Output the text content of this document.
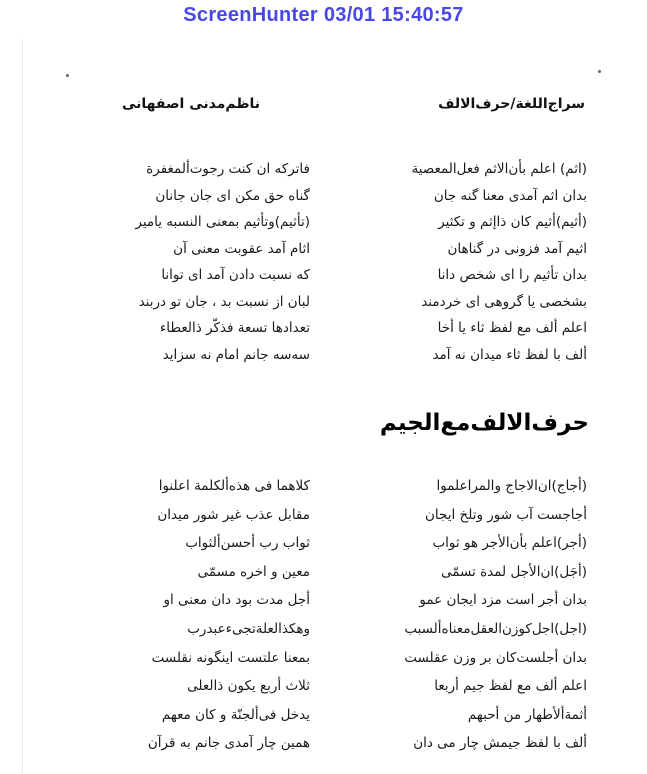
ScreenHunter 03/01 15:40:57
سراج‌اللغة/حرف‌الالف
ناظم‌مدنی اصفهانی
(اثم) اعلم بأن‌الاثم فعل‌المعصية
بدان اثم آمدی معنا گنه جان
(أثيم)أثيم كان ذاإثم و تكثير
اثيم آمد فزونی در گناهان
بدان تأثيم را ای شخص دانا
بشخصی یا گروهی ای خردمند
اعلم ألف مع لفظ ثاء يا أخا
ألف با لفظ ثاء ميدان نه آمد
فاتركه ان كنت رجوت‌ألمغفرة
گناه حق مكن ای جان جانان
(تأثيم)وتأثيم بمعنی النسبه يامير
اثام آمد عقوبت معنی آن
كه نسبت دادن آمد ای توانا
لبان از نسبت بد ، جان تو دربند
تعدادها تسعة فذكّر ذالعطاء
سه‌سه جانم امام نه سزايد
حرف‌الالف‌مع‌الجيم
(أجاج)ان‌الاجاج والمراعلموا
أجاجست آب شور وتلخ ایجان
(أجر)اعلم بأن‌الأجر هو ثواب
(أجَل)ان‌الأجل لمدة تسمّی
بدان أجر است مزد ایجان عمو
(اجل)اجل‌كوزن‌العقل‌معناه‌ألسبب
بدان أجلست‌كان بر وزن عقلست
اعلم ألف مع لفظ جيم أربعا
أثمة‌ألأطهار من أحبهم
ألف با لفظ جيمش چار می دان
كلاهما فی هذه‌ألكلمة اعلنوا
مقابل عذب غير شور ميدان
ثواب رب أحسن‌ألثواب
معين و اخره مسمّی
أجل مدت بود دان معنی او
وهكذالعلة‌تجیء‌عبدرب
بمعنا علتست اینگونه نقلست
ثلاث أربع يكون ذالعلی
يدخل فی‌ألجنّة و كان معهم
همين چار آمدی جانم به قرآن
